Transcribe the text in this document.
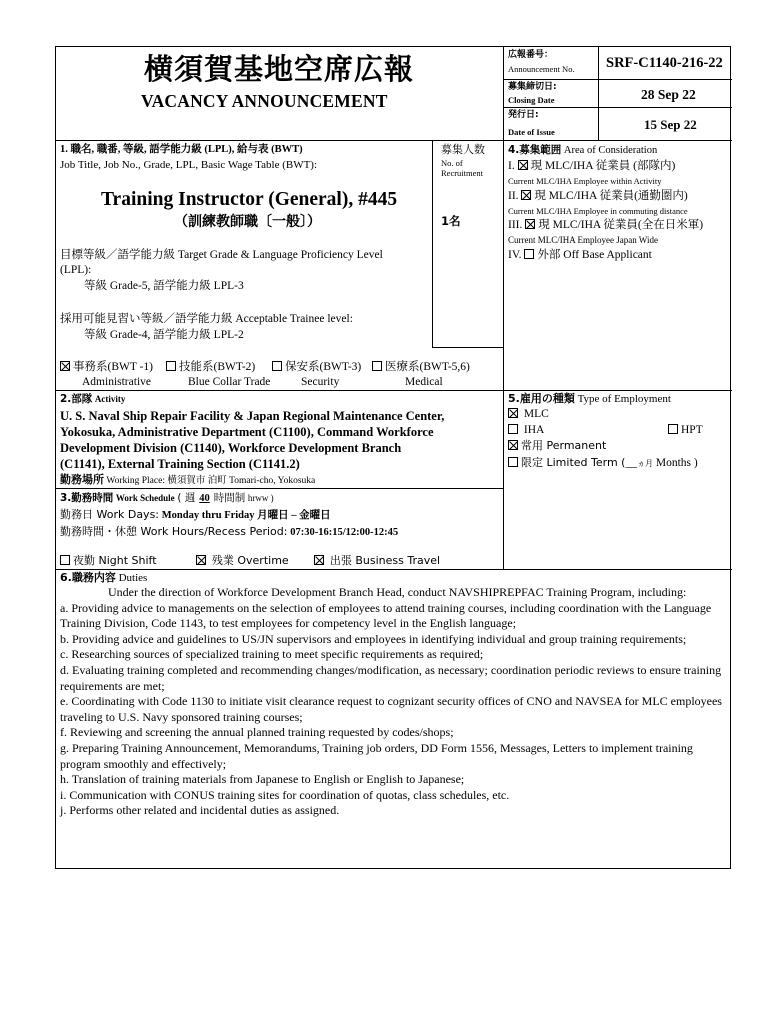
横須賀基地空席広報
VACANCY ANNOUNCEMENT
広報番号：
Announcement No. SRF-C1140-216-22
募集締切日:
Closing Date	28 Sep 22
発行日:
Date of Issue	15 Sep 22
1. 職名, 職番, 等級, 語学能力級 (LPL), 給与表 (BWT)
Job Title, Job No., Grade, LPL, Basic Wage Table (BWT):
Training Instructor (General), #445
（訓練教師職〔一般〕）
目標等級／語学能力級 Target Grade & Language Proficiency Level
(LPL):
等級 Grade-5, 語学能力級 LPL-3
採用可能見習い等級／語学能力級 Acceptable Trainee level:
等級 Grade-4, 語学能力級 LPL-2
募集人数
No. of
Recruitment
1名
事務系(BWT -1)
Administrative
技能系(BWT-2)
Blue Collar Trade
保安系(BWT-3)
Security
医療系(BWT-5,6)
Medical
4.募集範囲 Area of Consideration
I. 現 MLC/IHA 従業員 (部隊内)
Current MLC/IHA Employee within Activity
II. 現 MLC/IHA 従業員(通勤圏内)
Current MLC/IHA Employee in commuting distance
III. 現 MLC/IHA 従業員(全在日米軍)
Current MLC/IHA Employee Japan Wide
IV. 外部 Off Base Applicant
2.部隊 Activity
U. S. Naval Ship Repair Facility & Japan Regional Maintenance Center,
Yokosuka, Administrative Department (C1100), Command Workforce
Development Division (C1140), Workforce Development Branch
(C1141), External Training Section (C1141.2)
勤務場所 Working Place: 横須賀市 泊町 Tomari-cho, Yokosuka
3.勤務時間 Work Schedule ( 週 40 時間制 hrww )
勤務日 Work Days: Monday thru Friday 月曜日 – 金曜日
勤務時間・休憩 Work Hours/Recess Period: 07:30-16:15/12:00-12:45
夜勤 Night Shift	残業 Overtime	出張 Business Travel
5.雇用の種類 Type of Employment
MLC
IHA	HPT
常用 Permanent
限定 Limited Term (__ヵ月 Months )
6.職務内容 Duties

Under the direction of Workforce Development Branch Head, conduct NAVSHIPREPFAC Training Program, including:

a. Providing advice to managements on the selection of employees to attend training courses, including coordination with the Language Training Division, Code 1143, to test employees for competency level in the English language;

b. Providing advice and guidelines to US/JN supervisors and employees in identifying individual and group training requirements;

c. Researching sources of specialized training to meet specific requirements as required;

d. Evaluating training completed and recommending changes/modification, as necessary; coordination periodic reviews to ensure training requirements are met;

e. Coordinating with Code 1130 to initiate visit clearance request to cognizant security offices of CNO and NAVSEA for MLC employees traveling to U.S. Navy sponsored training courses;

f. Reviewing and screening the annual planned training requested by codes/shops;

g. Preparing Training Announcement, Memorandums, Training job orders, DD Form 1556, Messages, Letters to implement training program smoothly and effectively;

h. Translation of training materials from Japanese to English or English to Japanese;

i. Communication with CONUS training sites for coordination of quotas, class schedules, etc.

j. Performs other related and incidental duties as assigned.
